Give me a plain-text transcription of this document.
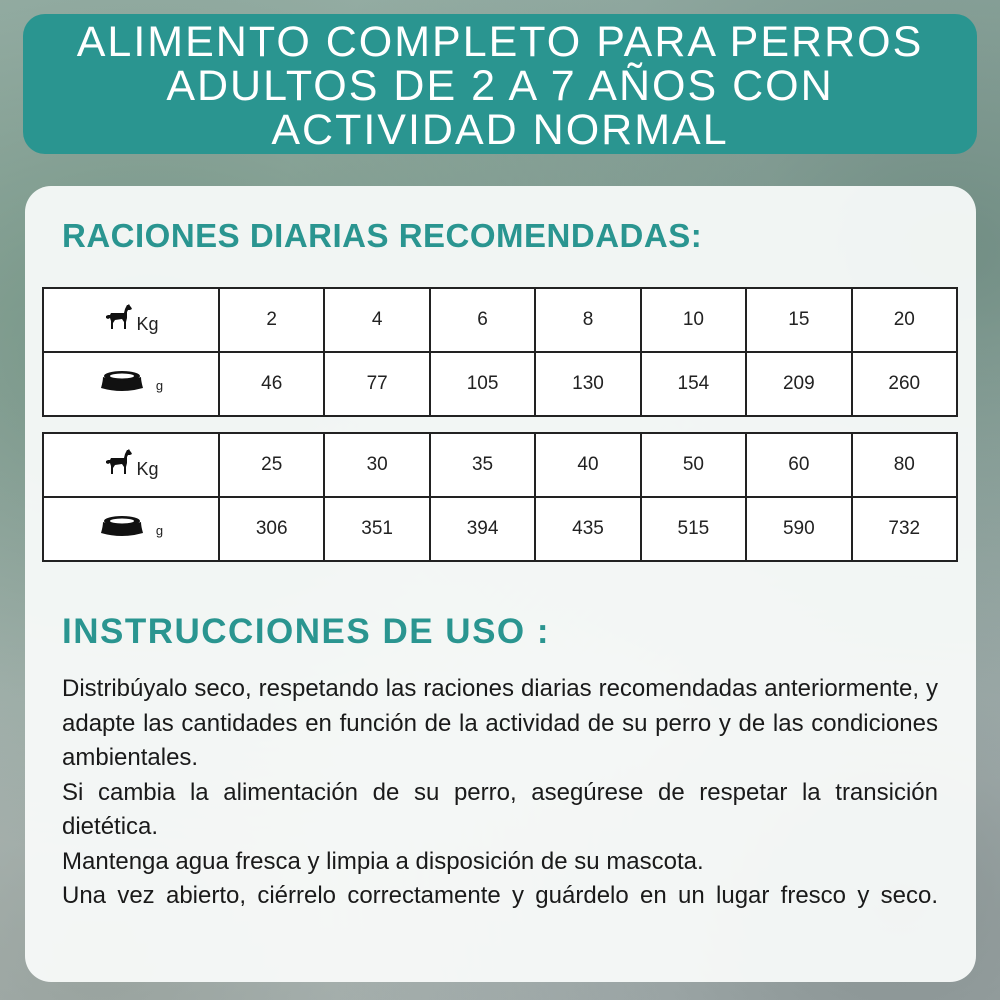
ALIMENTO COMPLETO PARA PERROS
ADULTOS DE 2 A 7 AÑOS CON
ACTIVIDAD NORMAL
RACIONES DIARIAS RECOMENDADAS:
Kg	2	4	6	8	10	15	20

g	46	77	105	130	154	209	260
Kg	25	30	35	40	50	60	80

g	306	351	394	435	515	590	732
INSTRUCCIONES DE USO :

Distribúyalo seco, respetando las raciones diarias recomendadas anteriormente, y adapte las cantidades en función de la actividad de su perro y de las condiciones ambientales.

Si cambia la alimentación de su perro, asegúrese de respetar la transición dietética.

Mantenga agua fresca y limpia a disposición de su mascota.

Una vez abierto, ciérrelo correctamente y guárdelo en un lugar fresco y seco.
